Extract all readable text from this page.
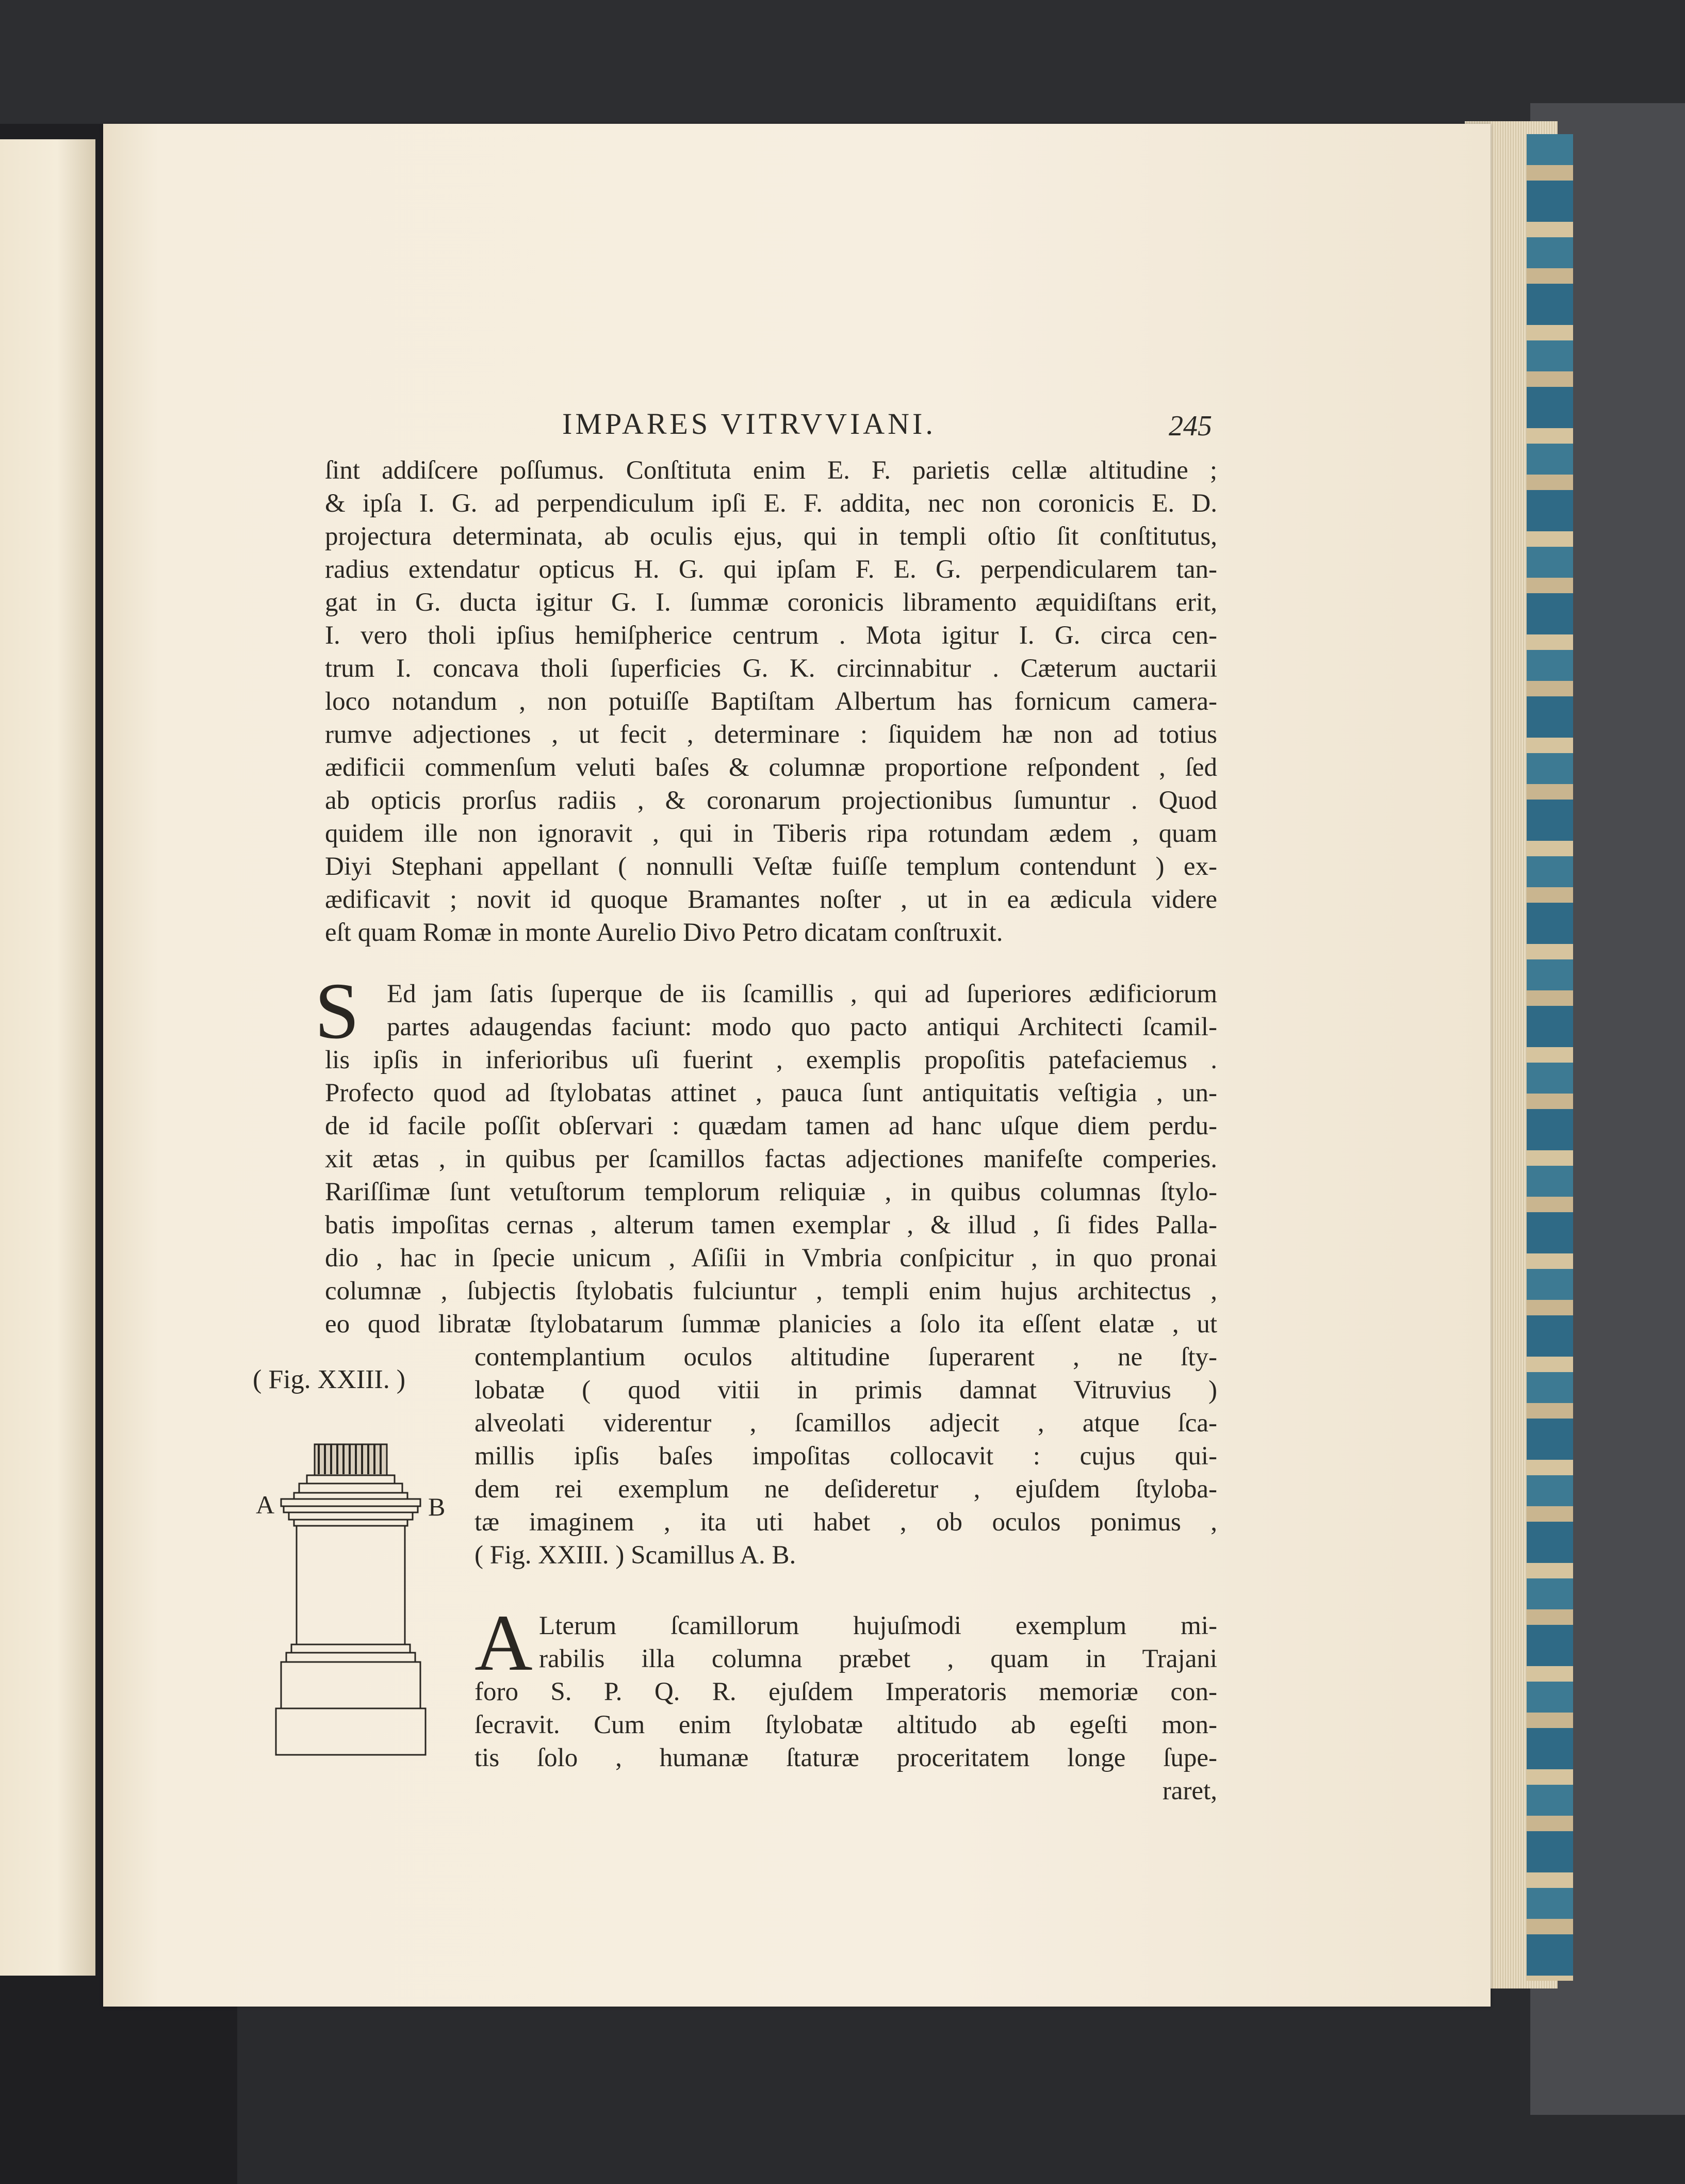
IMPARES VITRVVIANI.	245
ſint addiſcere poſſumus. Conſtituta enim E. F. parietis cellæ altitudine ;
& ipſa I. G. ad perpendiculum ipſi E. F. addita, nec non coronicis E. D.
projectura determinata, ab oculis ejus, qui in templi oſtio ſit conſtitutus,
radius extendatur opticus H. G. qui ipſam F. E. G. perpendicularem tan-
gat in G. ducta igitur G. I. ſummæ coronicis libramento æquidiſtans erit,
I. vero tholi ipſius hemiſpherice centrum . Mota igitur I. G. circa cen-
trum I. concava tholi ſuperficies G. K. circinnabitur . Cæterum auctarii
loco notandum , non potuiſſe Baptiſtam Albertum has fornicum camera-
rumve adjectiones , ut fecit , determinare : ſiquidem hæ non ad totius
ædificii commenſum veluti baſes & columnæ proportione reſpondent , ſed
ab opticis prorſus radiis , & coronarum projectionibus ſumuntur . Quod
quidem ille non ignoravit , qui in Tiberis ripa rotundam ædem , quam
Diyi Stephani appellant ( nonnulli Veſtæ fuiſſe templum contendunt ) ex-
ædificavit ; novit id quoque Bramantes noſter , ut in ea ædicula videre
eſt quam Romæ in monte Aurelio Divo Petro dicatam conſtruxit.
S Ed jam ſatis ſuperque de iis ſcamillis , qui ad ſuperiores ædificiorum
partes adaugendas faciunt: modo quo pacto antiqui Architecti ſcamil-
lis ipſis in inferioribus uſi fuerint , exemplis propoſitis patefaciemus .
Profecto quod ad ſtylobatas attinet , pauca ſunt antiquitatis veſtigia , un-
de id facile poſſit obſervari : quædam tamen ad hanc uſque diem perdu-
xit ætas , in quibus per ſcamillos factas adjectiones manifeſte comperies.
Rariſſimæ ſunt vetuſtorum templorum reliquiæ , in quibus columnas ſtylo-
batis impoſitas cernas , alterum tamen exemplar , & illud , ſi fides Palla-
dio , hac in ſpecie unicum , Aſiſii in Vmbria conſpicitur , in quo pronai
columnæ , ſubjectis ſtylobatis fulciuntur , templi enim hujus architectus ,
eo quod libratæ ſtylobatarum ſummæ planicies a ſolo ita eſſent elatæ , ut
contemplantium oculos altitudine ſuperarent , ne ſty-
lobatæ ( quod vitii in primis damnat Vitruvius )
alveolati viderentur , ſcamillos adjecit , atque ſca-
millis ipſis baſes impoſitas collocavit : cujus qui-
dem rei exemplum ne deſideretur , ejuſdem ſtyloba-
tæ imaginem , ita uti habet , ob oculos ponimus ,
( Fig. XXIII. ) Scamillus A. B.
( Fig. XXIII. )
A	B
A Lterum ſcamillorum hujuſmodi exemplum mi-
rabilis illa columna præbet , quam in Trajani
foro S. P. Q. R. ejuſdem Imperatoris memoriæ con-
ſecravit. Cum enim ſtylobatæ altitudo ab egeſti mon-
tis ſolo , humanæ ſtaturæ proceritatem longe ſupe-
raret,
